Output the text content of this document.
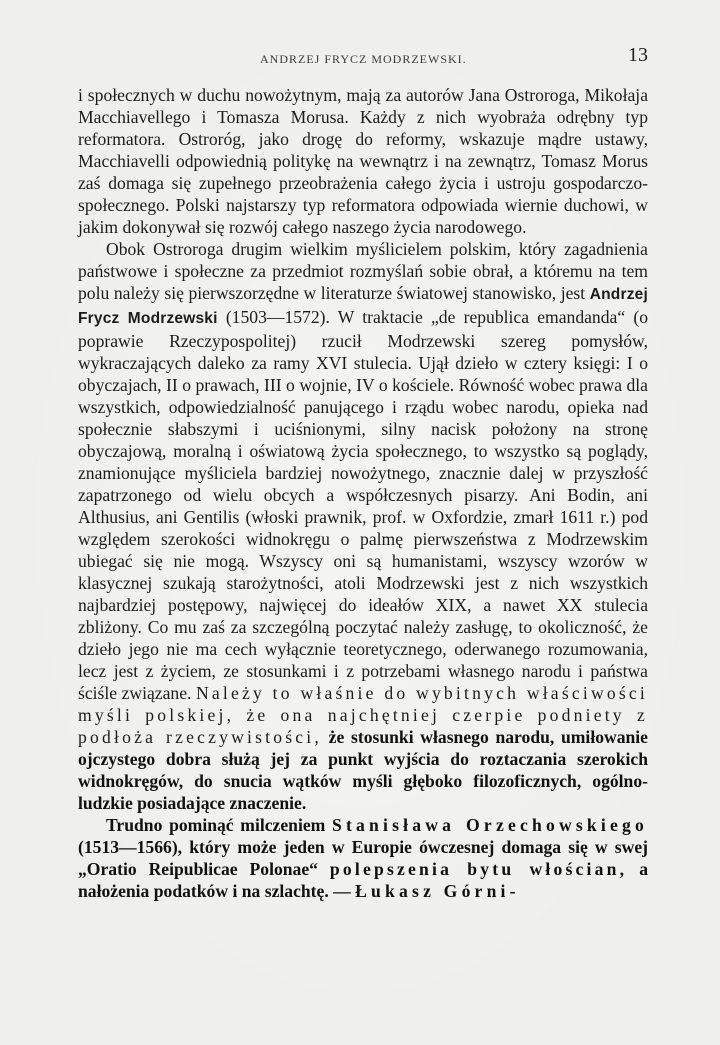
ANDRZEJ FRYCZ MODRZEWSKI.	13

i społecznych w duchu nowożytnym, mają za autorów Jana Ostroroga, Mikołaja Macchiavellego i Tomasza Morusa. Każdy z nich wyobraża odrębny typ reformatora. Ostroróg, jako drogę do reformy, wskazuje mądre ustawy, Macchiavelli odpowiednią politykę na wewnątrz i na zewnątrz, Tomasz Morus zaś domaga się zupełnego przeobrażenia całego życia i ustroju gospodarczo-społecznego. Polski najstarszy typ reformatora odpowiada wiernie duchowi, w jakim dokonywał się rozwój całego naszego życia narodowego.

Obok Ostroroga drugim wielkim myślicielem polskim, który zagadnienia państwowe i społeczne za przedmiot rozmyślań sobie obrał, a któremu na tem polu należy się pierwszorzędne w literaturze światowej stanowisko, jest Andrzej Frycz Modrzewski (1503—1572). W traktacie „de republica emandanda“ (o poprawie Rzeczypospolitej) rzucił Modrzewski szereg pomysłów, wykraczających daleko za ramy XVI stulecia. Ujął dzieło w cztery księgi: I o obyczajach, II o prawach, III o wojnie, IV o kościele. Równość wobec prawa dla wszystkich, odpowiedzialność panującego i rządu wobec narodu, opieka nad społecznie słabszymi i uciśnionymi, silny nacisk położony na stronę obyczajową, moralną i oświatową życia społecznego, to wszystko są poglądy, znamionujące myśliciela bardziej nowożytnego, znacznie dalej w przyszłość zapatrzonego od wielu obcych a współczesnych pisarzy. Ani Bodin, ani Althusius, ani Gentilis (włoski prawnik, prof. w Oxfordzie, zmarł 1611 r.) pod względem szerokości widnokręgu o palmę pierwszeństwa z Modrzewskim ubiegać się nie mogą. Wszyscy oni są humanistami, wszyscy wzorów w klasycznej szukają starożytności, atoli Modrzewski jest z nich wszystkich najbardziej postępowy, najwięcej do ideałów XIX, a nawet XX stulecia zbliżony. Co mu zaś za szczególną poczytać należy zasługę, to okoliczność, że dzieło jego nie ma cech wyłącznie teoretycznego, oderwanego rozumowania, lecz jest z życiem, ze stosunkami i z potrzebami własnego narodu i państwa ściśle związane. Należy to właśnie do wybitnych właściwości myśli polskiej, że ona najchętniej czerpie podniety z podłoża rzeczywistości, że stosunki własnego narodu, umiłowanie ojczystego dobra służą jej za punkt wyjścia do roztaczania szerokich widnokręgów, do snucia wątków myśli głęboko filozoficznych, ogólno-ludzkie posiadające znaczenie.

Trudno pominąć milczeniem Stanisława Orzechowskiego (1513—1566), który może jeden w Europie ówczesnej domaga się w swej „Oratio Reipublicae Polonae“ polepszenia bytu włościan, a nałożenia podatków i na szlachtę. — Łukasz Górni-
